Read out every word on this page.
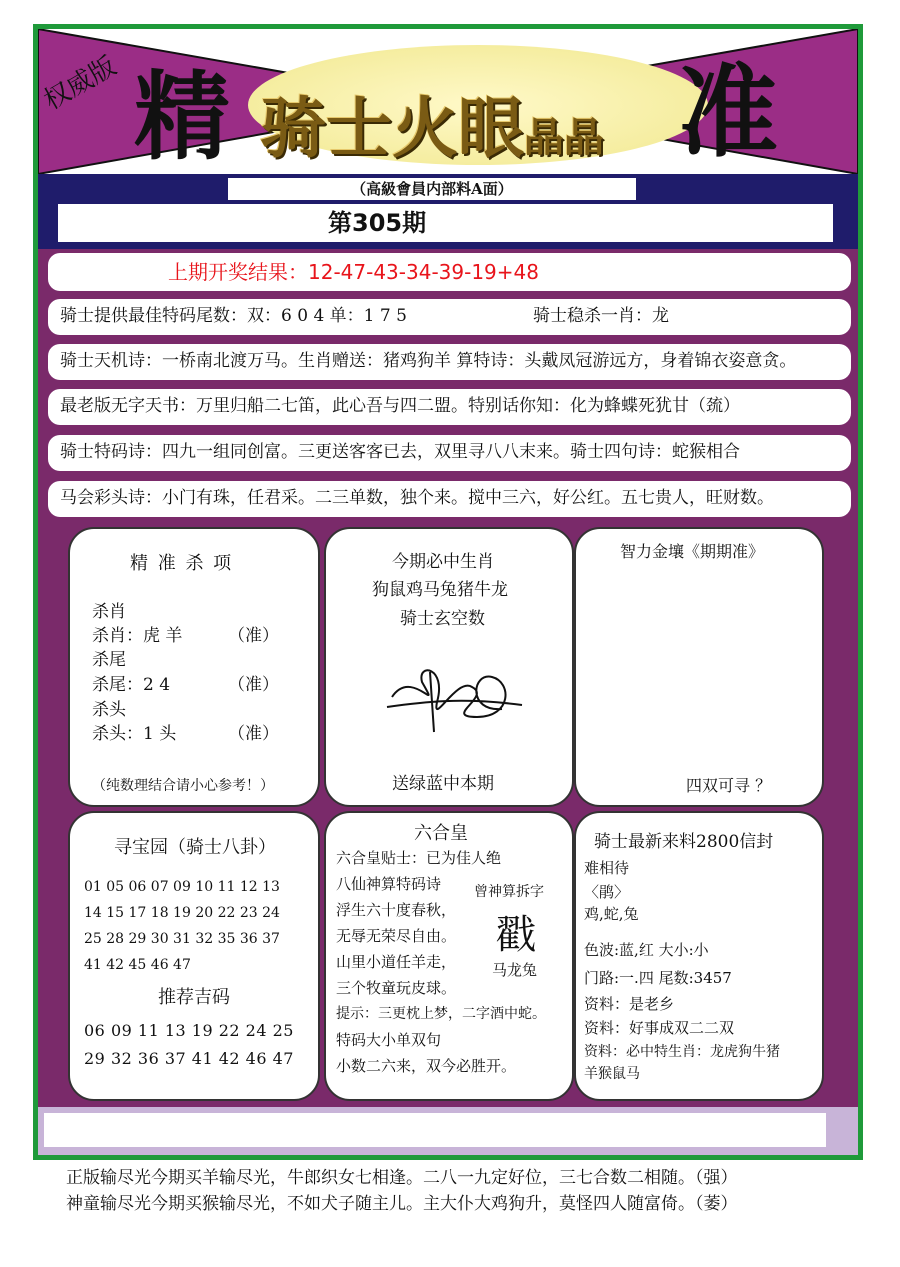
权威版 精	准
骑士火眼晶晶
（高級會員内部料A面）
第305期
上期开奖结果：12-47-43-34-39-19+48
骑士提供最佳特码尾数：双：6 0 4 单：1 7 5	骑士稳杀一肖：龙
骑士天机诗：一桥南北渡万马。生肖赠送：猪鸡狗羊 算特诗：头戴凤冠游远方，身着锦衣姿意贪。
最老版无字天书：万里归船二七笛，此心吾与四二盟。特别话你知：化为蜂蝶死犹甘（巯）
骑士特码诗：四九一组同创富。三更送客客已去，双里寻八八末来。骑士四句诗：蛇猴相合
马会彩头诗：小门有珠，任君采。二三单数，独个来。搅中三六，好公红。五七贵人，旺财数。
精 准 杀 项
杀肖
杀肖：虎 羊	（准）
杀尾
杀尾：2 4	（准）
杀头
杀头：1 头	（准）
（纯数理结合请小心参考！）
今期必中生肖
狗鼠鸡马兔猪牛龙
骑士玄空数
送绿蓝中本期
智力金壤《期期准》
四双可寻 ？
寻宝园（骑士八卦）
01 05 06 07 09 10 11 12 13
14 15 17 18 19 20 22 23 24
25 28 29 30 31 32 35 36 37
41 42 45 46 47
推荐吉码
06 09 11 13 19 22 24 25
29 32 36 37 41 42 46 47
六合皇
六合皇贴士：已为佳人绝
八仙神算特码诗
浮生六十度春秋，
无辱无荣尽自由。
山里小道任羊走，
三个牧童玩皮球。
提示：三更枕上梦，二字酒中蛇。
特码大小单双句
小数二六来，双今必胜开。
曾神算拆字
戳
马龙兔
骑士最新来料2800信封
难相待
〈鹃〉
鸡,蛇,兔
色波:蓝,红 大小:小
门路:一.四 尾数:3457
资料：是老乡
资料：好事成双二二双
资料：必中特生肖：龙虎狗牛猪
羊猴鼠马
正版输尽光今期买羊输尽光，牛郎织女七相逢。二八一九定好位，三七合数二相随。（强）
神童输尽光今期买猴输尽光，不如犬子随主儿。主大仆大鸡狗升，莫怪四人随富倚。（萎）
